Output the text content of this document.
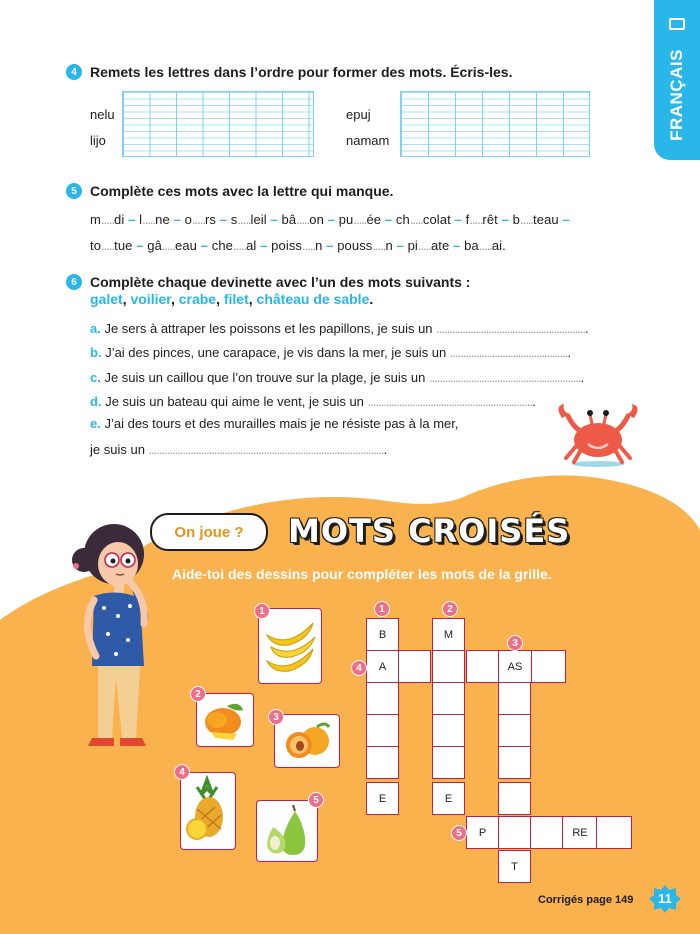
FRANÇAIS
4 Remets les lettres dans l’ordre pour former des mots. Écris-les.
nelu
lijo
epuj
namam
5 Complète ces mots avec la lettre qui manque.
m.....di – l.....ne – o.....rs – s.....leil – bâ.....on – pu.....ée – ch.....colat – f.....rêt – b.....teau –
to.....tue – gâ.....eau – che.....al – poiss.....n – pouss.....n – pi.....ate – ba.....ai.
6 Complète chaque devinette avec l’un des mots suivants :
galet, voilier, crabe, filet, château de sable.
a. Je sers à attraper les poissons et les papillons, je suis un ..........................................................
b. J’ai des pinces, une carapace, je vis dans la mer, je suis un ..............................................
c. Je suis un caillou que l’on trouve sur la plage, je suis un ...........................................................
d. Je suis un bateau qui aime le vent, je suis un ................................................................
e. J’ai des tours et des murailles mais je ne résiste pas à la mer,
je suis un ...........................................................................................
On joue ? MOTS CROISÉS
Aide-toi des dessins pour compléter les mots de la grille.
1
2
3
4
5
B
A
E
M
E
AS
T
P	RE
1	2
3
4
5
Corrigés page 149	11
